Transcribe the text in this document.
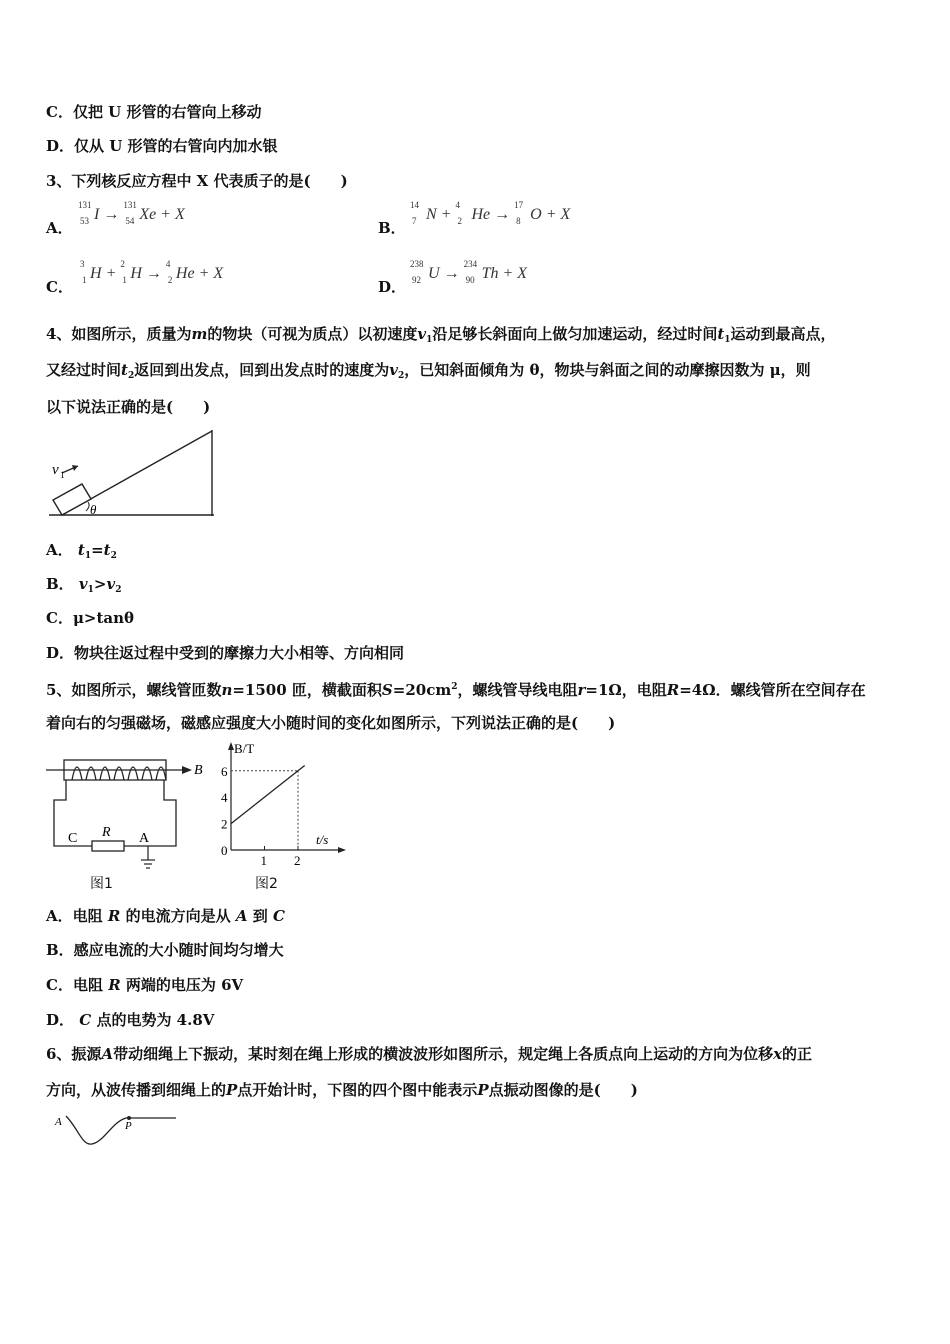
C．仅把 U 形管的右管向上移动
D．仅从 U 形管的右管向内加水银
3、下列核反应方程中 X 代表质子的是(　　)
A．
131
53 I →
131
54 Xe + X
B．
14
7 N +
4
2 He →
17
8 O + X
C．
3
1 H +
2
1 H →
4
2 He + X
D．
238
92 U →
234
90 Th + X
4、如图所示，质量为m的物块（可视为质点）以初速度$v_1$沿足够长斜面向上做匀加速运动，经过时间$t_1$运动到最高点，
又经过时间$t_2$返回到出发点，回到出发点时的速度为$v_2$，已知斜面倾角为 θ，物块与斜面之间的动摩擦因数为 μ，则
以下说法正确的是(　　)
v 1
θ
A． $t_1=t_2$
B． $v_1>v_2$
C．μ>tanθ
D．物块往返过程中受到的摩擦力大小相等、方向相同
5、如图所示，螺线管匝数n=1500 匝，横截面积$S=20cm^2$，螺线管导线电阻r=1Ω，电阻R=4Ω．螺线管所在空间存在
着向右的匀强磁场，磁感应强度大小随时间的变化如图所示，下列说法正确的是(　　)
B
C R A
图1
B/T
t/s
0
2
4
6
1 2
图2
A．电阻 R 的电流方向是从 A 到 C
B．感应电流的大小随时间均匀增大
C．电阻 R 两端的电压为 6V
D． C 点的电势为 4.8V
6、振源A带动细绳上下振动，某时刻在绳上形成的横波波形如图所示，规定绳上各质点向上运动的方向为位移x的正
方向，从波传播到细绳上的P点开始计时，下图的四个图中能表示P点振动图像的是(　　)
A	P
